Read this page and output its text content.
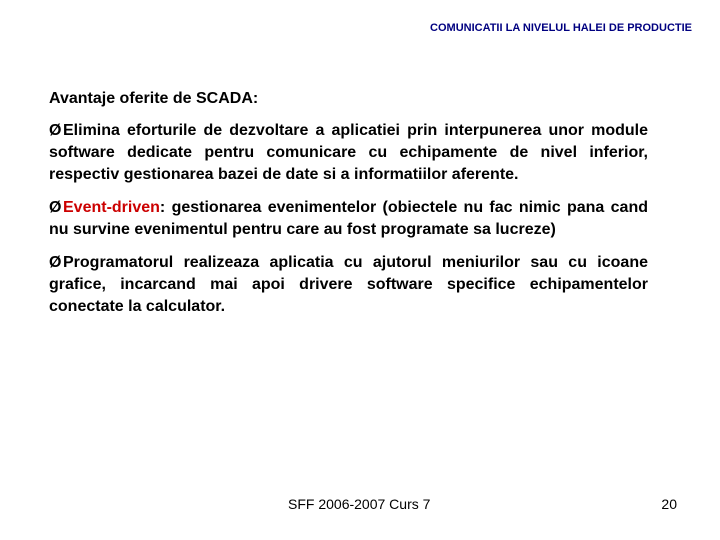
COMUNICATII LA NIVELUL HALEI DE PRODUCTIE
Avantaje oferite de SCADA:
ØElimina eforturile de dezvoltare a aplicatiei prin interpunerea unor module software dedicate pentru comunicare cu echipamente de nivel inferior, respectiv gestionarea bazei de date si a informatiilor aferente.
ØEvent-driven: gestionarea evenimentelor (obiectele nu fac nimic pana cand nu survine evenimentul pentru care au fost programate sa lucreze)
ØProgramatorul realizeaza aplicatia cu ajutorul meniurilor sau cu icoane grafice, incarcand mai apoi drivere software specifice echipamentelor conectate la calculator.
SFF 2006-2007 Curs 7	20
